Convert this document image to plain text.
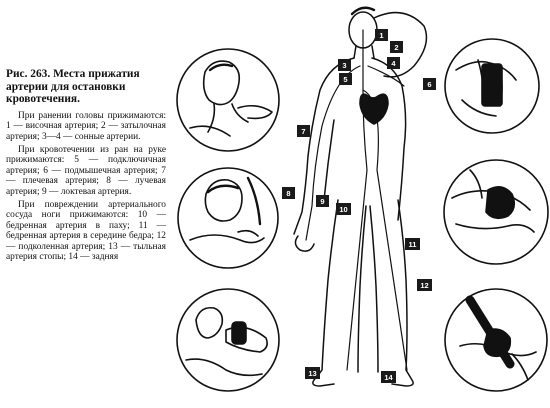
Рис. 263. Места прижатия артерии для остановки кровотечения.

При ранении головы прижимаются: 1 — височная артерия; 2 — затылочная артерия; 3—4 — сонные артерии.

При кровотечении из ран на руке прижимаются: 5 — подключичная артерия; 6 — подмышечная артерия; 7 — плечевая артерия; 8 — лучевая артерия; 9 — локтевая артерия.

При повреждении артериального сосуда ноги прижимаются: 10 — бедренная артерия в паху; 11 — бедренная артерия в середине бедра; 12 — подколенная артерия; 13 — тыльная артерия стопы; 14 — задняя

1
2
3	4
5
6
7
8
9
10
11
12
13	14
